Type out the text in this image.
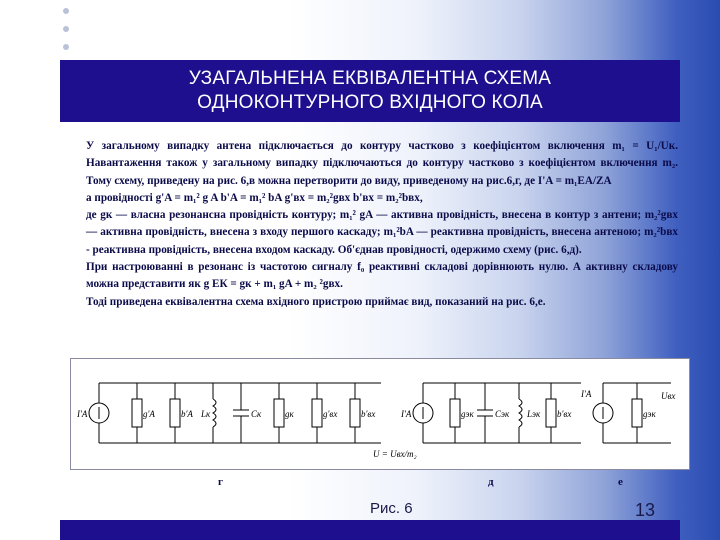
УЗАГАЛЬНЕНА ЕКВІВАЛЕНТНА СХЕМА
ОДНОКОНТУРНОГО ВХІДНОГО КОЛА

У загальному випадку антена підключається до контуру частково з коефіцієнтом включення m₁ = U₁/Uк. Навантаження також у загальному випадку підключаються до контуру частково з коефіцієнтом включення m₂. Тому схему, приведену на рис. 6,в можна перетворити до виду, приведеному на рис.6,г, де I'A = m₁EA/ZA

а провідності g'A = m₁² g A b'A = m₁² bA g'вх = m₂²gвх b'вх = m₂²bвх,

де gк — власна резонансна провідність контуру; m₁² gA — активна провідність, внесена в контур з антени; m₂²gвх — активна провідність, внесена з входу першого каскаду; m₁²bA — реактивна провідність, внесена антеною; m₂²bвх - реактивна провідність, внесена входом каскаду. Об'єднав провідності, одержимо схему (рис. 6,д).

При настроюванні в резонанс із частотою сигналу f₀ реактивні складові дорівнюють нулю. А активну складову можна представити як g ЕК = gк + m₁ gA + m₂ ²gвх.

Тоді приведена еквівалентна схема вхідного пристрою приймає вид, показаний на рис. 6,е.

I'A	g'A	b'A Lк	Cк	gк	g'вх	b'вх
U = Uвх/m₂
I'A	gэк Cэк Lэк b'вх
I'A
gэк
Uвх
г	д	е
Рис. 6	13
